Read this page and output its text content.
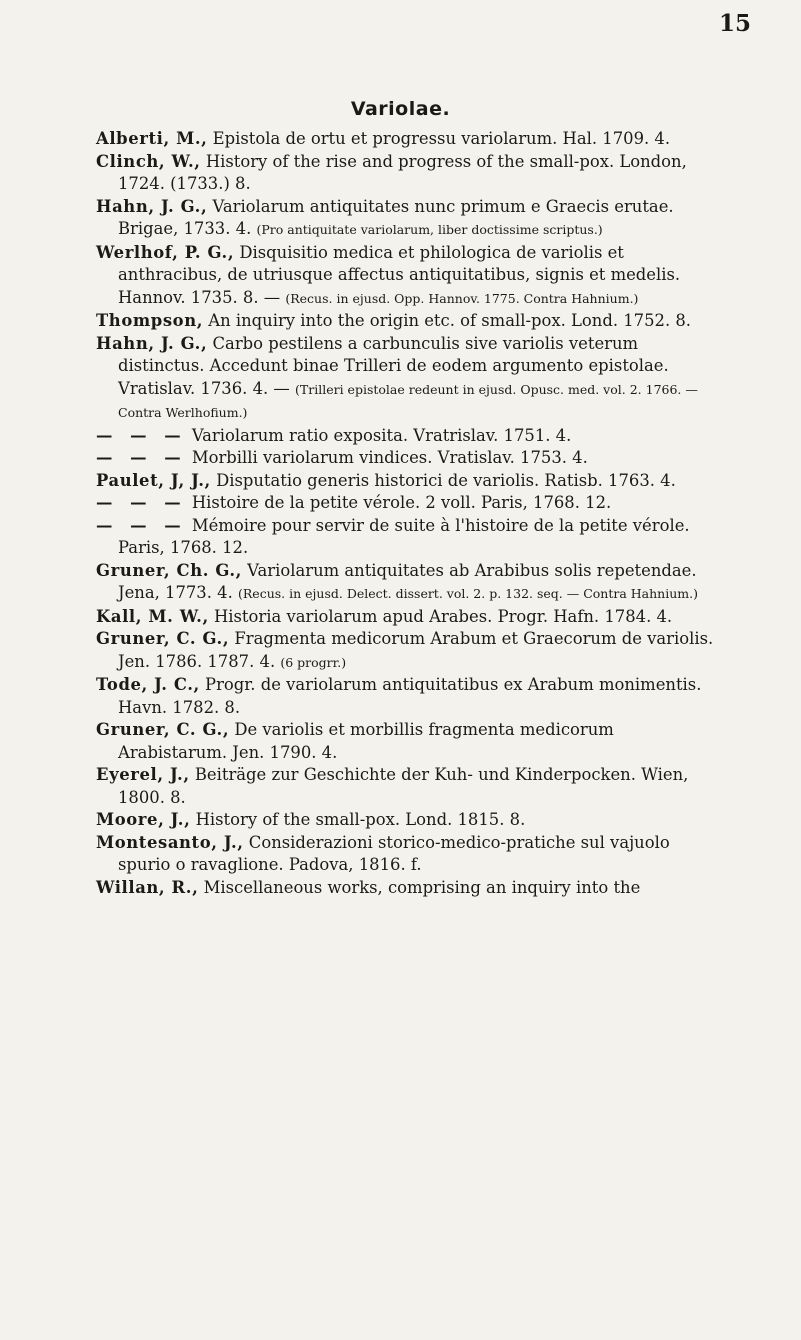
15
Variolae.

Alberti, M., Epistola de ortu et progressu variolarum. Hal. 1709. 4.

Clinch, W., History of the rise and progress of the small-pox. London, 1724. (1733.) 8.

Hahn, J. G., Variolarum antiquitates nunc primum e Graecis erutae. Brigae, 1733. 4. (Pro antiquitate variolarum, liber doctissime scriptus.)

Werlhof, P. G., Disquisitio medica et philologica de variolis et anthracibus, de utriusque affectus antiquitatibus, signis et medelis. Hannov. 1735. 8. — (Recus. in ejusd. Opp. Hannov. 1775. Contra Hahnium.)

Thompson, An inquiry into the origin etc. of small-pox. Lond. 1752. 8.

Hahn, J. G., Carbo pestilens a carbunculis sive variolis veterum distinctus. Accedunt binae Trilleri de eodem argumento epistolae. Vratislav. 1736. 4. — (Trilleri epistolae redeunt in ejusd. Opusc. med. vol. 2. 1766. — Contra Werlhofium.)

— — — Variolarum ratio exposita. Vratrislav. 1751. 4.

— — — Morbilli variolarum vindices. Vratislav. 1753. 4.

Paulet, J, J., Disputatio generis historici de variolis. Ratisb. 1763. 4.

— — — Histoire de la petite vérole. 2 voll. Paris, 1768. 12.

— — — Mémoire pour servir de suite à l'histoire de la petite vérole. Paris, 1768. 12.

Gruner, Ch. G., Variolarum antiquitates ab Arabibus solis repetendae. Jena, 1773. 4. (Recus. in ejusd. Delect. dissert. vol. 2. p. 132. seq. — Contra Hahnium.)

Kall, M. W., Historia variolarum apud Arabes. Progr. Hafn. 1784. 4.

Gruner, C. G., Fragmenta medicorum Arabum et Graecorum de variolis. Jen. 1786. 1787. 4. (6 progrr.)

Tode, J. C., Progr. de variolarum antiquitatibus ex Arabum monimentis. Havn. 1782. 8.

Gruner, C. G., De variolis et morbillis fragmenta medicorum Arabistarum. Jen. 1790. 4.

Eyerel, J., Beiträge zur Geschichte der Kuh- und Kinderpocken. Wien, 1800. 8.

Moore, J., History of the small-pox. Lond. 1815. 8.

Montesanto, J., Considerazioni storico-medico-pratiche sul vajuolo spurio o ravaglione. Padova, 1816. f.

Willan, R., Miscellaneous works, comprising an inquiry into the
